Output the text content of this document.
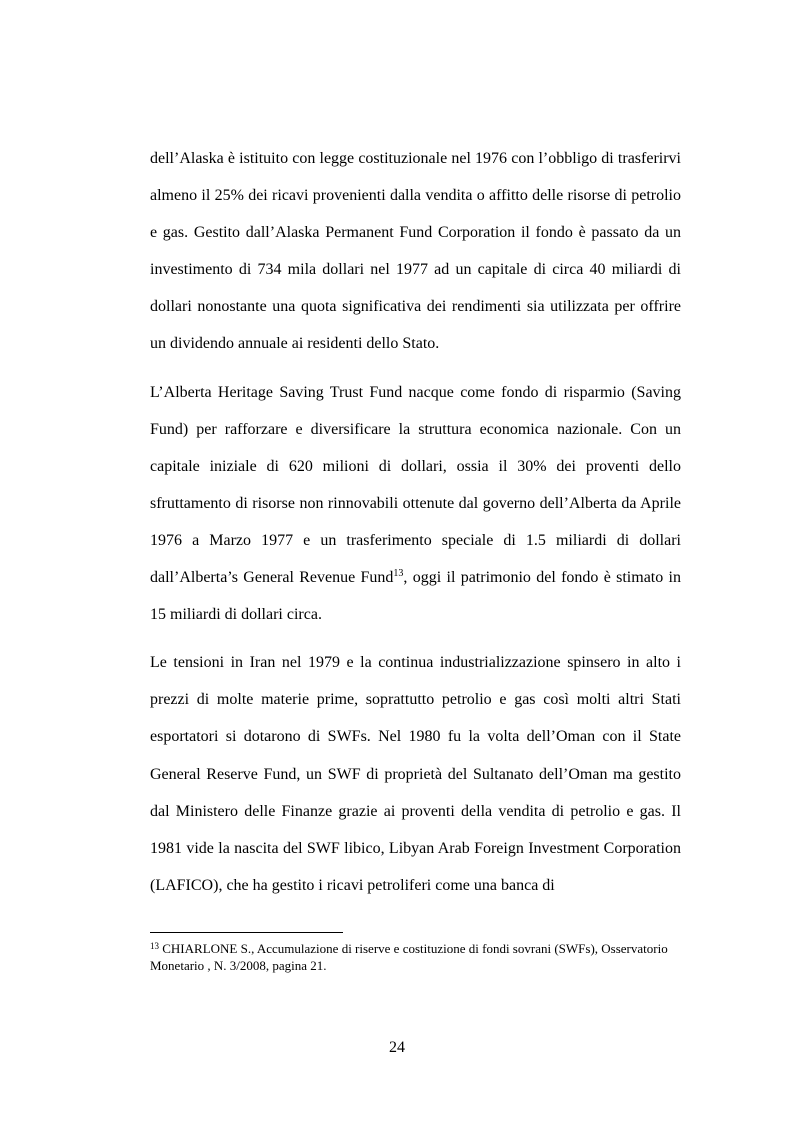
dell’Alaska è istituito con legge costituzionale nel 1976 con l’obbligo di trasferirvi almeno il 25% dei ricavi provenienti dalla vendita o affitto delle risorse di petrolio e gas. Gestito dall’Alaska Permanent Fund Corporation il fondo è passato da un investimento di 734 mila dollari nel 1977 ad un capitale di circa 40 miliardi di dollari nonostante una quota significativa dei rendimenti sia utilizzata per offrire un dividendo annuale ai residenti dello Stato.

L’Alberta Heritage Saving Trust Fund nacque come fondo di risparmio (Saving Fund) per rafforzare e diversificare la struttura economica nazionale. Con un capitale iniziale di 620 milioni di dollari, ossia il 30% dei proventi dello sfruttamento di risorse non rinnovabili ottenute dal governo dell’Alberta da Aprile 1976 a Marzo 1977 e un trasferimento speciale di 1.5 miliardi di dollari dall’Alberta’s General Revenue Fund$^{13}$, oggi il patrimonio del fondo è stimato in 15 miliardi di dollari circa.

Le tensioni in Iran nel 1979 e la continua industrializzazione spinsero in alto i prezzi di molte materie prime, soprattutto petrolio e gas così molti altri Stati esportatori si dotarono di SWFs. Nel 1980 fu la volta dell’Oman con il State General Reserve Fund, un SWF di proprietà del Sultanato dell’Oman ma gestito dal Ministero delle Finanze grazie ai proventi della vendita di petrolio e gas. Il 1981 vide la nascita del SWF libico, Libyan Arab Foreign Investment Corporation (LAFICO), che ha gestito i ricavi petroliferi come una banca di

$^{13}$ CHIARLONE S., Accumulazione di riserve e costituzione di fondi sovrani (SWFs), Osservatorio Monetario , N. 3/2008, pagina 21.
24
